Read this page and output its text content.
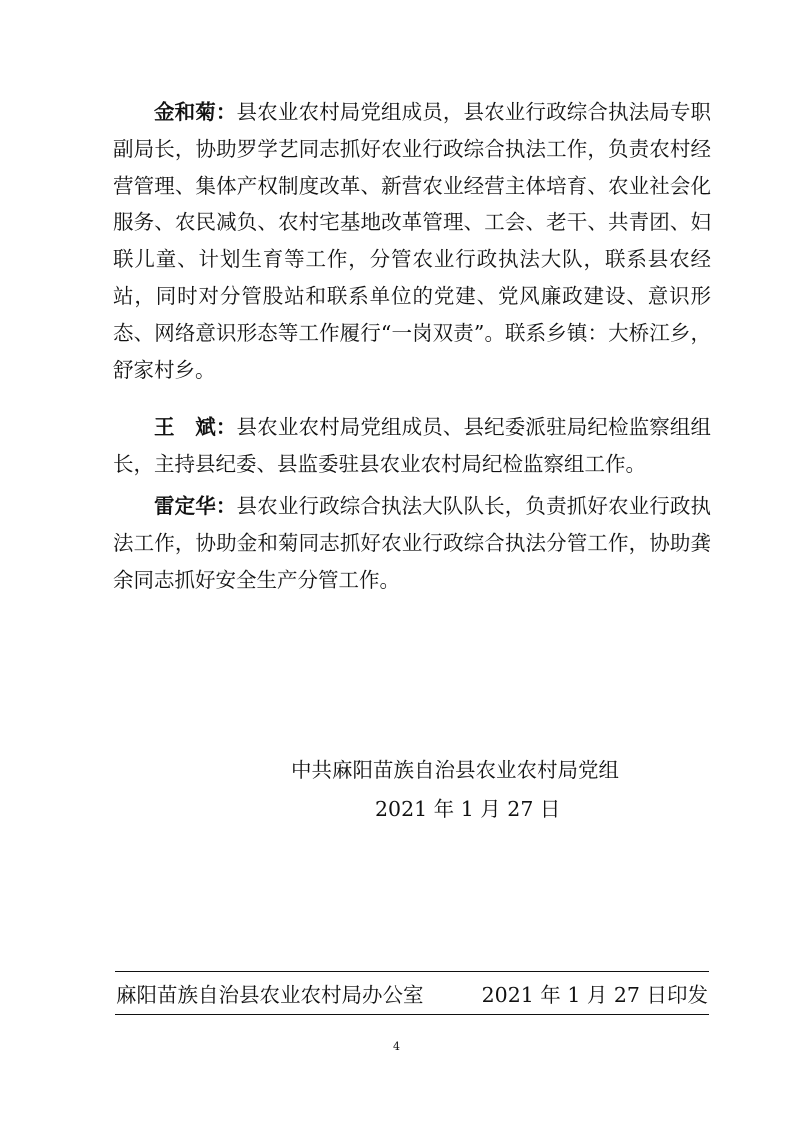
金和菊：县农业农村局党组成员，县农业行政综合执法局专职副局长，协助罗学艺同志抓好农业行政综合执法工作，负责农村经营管理、集体产权制度改革、新营农业经营主体培育、农业社会化服务、农民减负、农村宅基地改革管理、工会、老干、共青团、妇联儿童、计划生育等工作，分管农业行政执法大队，联系县农经站，同时对分管股站和联系单位的党建、党风廉政建设、意识形态、网络意识形态等工作履行“一岗双责”。联系乡镇：大桥江乡，舒家村乡。

王　斌：县农业农村局党组成员、县纪委派驻局纪检监察组组长，主持县纪委、县监委驻县农业农村局纪检监察组工作。

雷定华：县农业行政综合执法大队队长，负责抓好农业行政执法工作，协助金和菊同志抓好农业行政综合执法分管工作，协助龚余同志抓好安全生产分管工作。

中共麻阳苗族自治县农业农村局党组
2021 年 1 月 27 日
麻阳苗族自治县农业农村局办公室	2021 年 1 月 27 日印发
4
